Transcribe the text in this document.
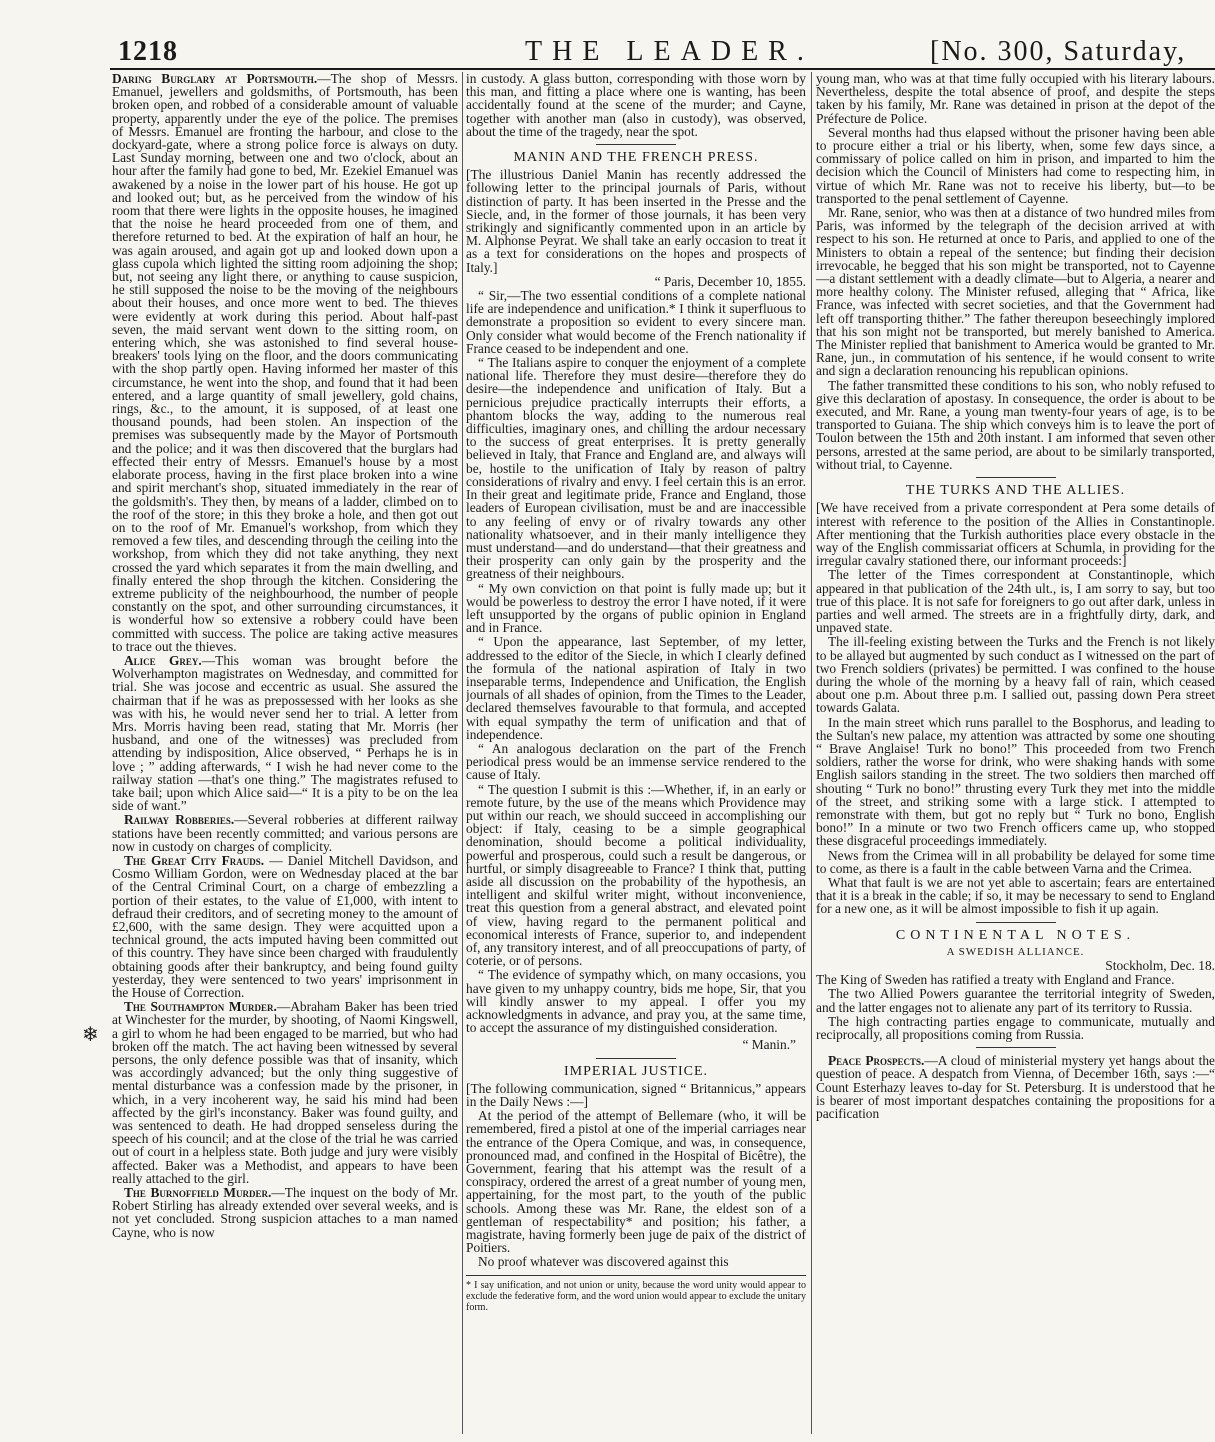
1218	THE LEADER.	[No. 300, Saturday,
❄

Daring Burglary at Portsmouth.—The shop of Messrs. Emanuel, jewellers and goldsmiths, of Portsmouth, has been broken open, and robbed of a considerable amount of valuable property, apparently under the eye of the police. The premises of Messrs. Emanuel are fronting the harbour, and close to the dockyard-gate, where a strong police force is always on duty. Last Sunday morning, between one and two o'clock, about an hour after the family had gone to bed, Mr. Ezekiel Emanuel was awakened by a noise in the lower part of his house. He got up and looked out; but, as he perceived from the window of his room that there were lights in the opposite houses, he imagined that the noise he heard proceeded from one of them, and therefore returned to bed. At the expiration of half an hour, he was again aroused, and again got up and looked down upon a glass cupola which lighted the sitting room adjoining the shop; but, not seeing any light there, or anything to cause suspicion, he still supposed the noise to be the moving of the neighbours about their houses, and once more went to bed. The thieves were evidently at work during this period. About half-past seven, the maid servant went down to the sitting room, on entering which, she was astonished to find several house-breakers' tools lying on the floor, and the doors communicating with the shop partly open. Having informed her master of this circumstance, he went into the shop, and found that it had been entered, and a large quantity of small jewellery, gold chains, rings, &c., to the amount, it is supposed, of at least one thousand pounds, had been stolen. An inspection of the premises was subsequently made by the Mayor of Portsmouth and the police; and it was then discovered that the burglars had effected their entry of Messrs. Emanuel's house by a most elaborate process, having in the first place broken into a wine and spirit merchant's shop, situated immediately in the rear of the goldsmith's. They then, by means of a ladder, climbed on to the roof of the store; in this they broke a hole, and then got out on to the roof of Mr. Emanuel's workshop, from which they removed a few tiles, and descending through the ceiling into the workshop, from which they did not take anything, they next crossed the yard which separates it from the main dwelling, and finally entered the shop through the kitchen. Considering the extreme publicity of the neighbourhood, the number of people constantly on the spot, and other surrounding circumstances, it is wonderful how so extensive a robbery could have been committed with success. The police are taking active measures to trace out the thieves.

Alice Grey.—This woman was brought before the Wolverhampton magistrates on Wednesday, and committed for trial. She was jocose and eccentric as usual. She assured the chairman that if he was as prepossessed with her looks as she was with his, he would never send her to trial. A letter from Mrs. Morris having been read, stating that Mr. Morris (her husband, and one of the witnesses) was precluded from attending by indisposition, Alice observed, “ Perhaps he is in love ; ” adding afterwards, “ I wish he had never come to the railway station —that's one thing.” The magistrates refused to take bail; upon which Alice said—“ It is a pity to be on the lea side of want.”

Railway Robberies.—Several robberies at different railway stations have been recently committed; and various persons are now in custody on charges of complicity.

The Great City Frauds. — Daniel Mitchell Davidson, and Cosmo William Gordon, were on Wednesday placed at the bar of the Central Criminal Court, on a charge of embezzling a portion of their estates, to the value of £1,000, with intent to defraud their creditors, and of secreting money to the amount of £2,600, with the same design. They were acquitted upon a technical ground, the acts imputed having been committed out of this country. They have since been charged with fraudulently obtaining goods after their bankruptcy, and being found guilty yesterday, they were sentenced to two years' imprisonment in the House of Correction.

The Southampton Murder.—Abraham Baker has been tried at Winchester for the murder, by shooting, of Naomi Kingswell, a girl to whom he had been engaged to be married, but who had broken off the match. The act having been witnessed by several persons, the only defence possible was that of insanity, which was accordingly advanced; but the only thing suggestive of mental disturbance was a confession made by the prisoner, in which, in a very incoherent way, he said his mind had been affected by the girl's inconstancy. Baker was found guilty, and was sentenced to death. He had dropped senseless during the speech of his council; and at the close of the trial he was carried out of court in a helpless state. Both judge and jury were visibly affected. Baker was a Methodist, and appears to have been really attached to the girl.

The Burnoffield Murder.—The inquest on the body of Mr. Robert Stirling has already extended over several weeks, and is not yet concluded. Strong suspicion attaches to a man named Cayne, who is now

in custody. A glass button, corresponding with those worn by this man, and fitting a place where one is wanting, has been accidentally found at the scene of the murder; and Cayne, together with another man (also in custody), was observed, about the time of the tragedy, near the spot.

MANIN AND THE FRENCH PRESS.

[The illustrious Daniel Manin has recently addressed the following letter to the principal journals of Paris, without distinction of party. It has been inserted in the Presse and the Siecle, and, in the former of those journals, it has been very strikingly and significantly commented upon in an article by M. Alphonse Peyrat. We shall take an early occasion to treat it as a text for considerations on the hopes and prospects of Italy.]

“ Paris, December 10, 1855.

“ Sir,—The two essential conditions of a complete national life are independence and unification.* I think it superfluous to demonstrate a proposition so evident to every sincere man. Only consider what would become of the French nationality if France ceased to be independent and one.

“ The Italians aspire to conquer the enjoyment of a complete national life. Therefore they must desire—therefore they do desire—the independence and unification of Italy. But a pernicious prejudice practically interrupts their efforts, a phantom blocks the way, adding to the numerous real difficulties, imaginary ones, and chilling the ardour necessary to the success of great enterprises. It is pretty generally believed in Italy, that France and England are, and always will be, hostile to the unification of Italy by reason of paltry considerations of rivalry and envy. I feel certain this is an error. In their great and legitimate pride, France and England, those leaders of European civilisation, must be and are inaccessible to any feeling of envy or of rivalry towards any other nationality whatsoever, and in their manly intelligence they must understand—and do understand—that their greatness and their prosperity can only gain by the prosperity and the greatness of their neighbours.

“ My own conviction on that point is fully made up; but it would be powerless to destroy the error I have noted, if it were left unsupported by the organs of public opinion in England and in France.

“ Upon the appearance, last September, of my letter, addressed to the editor of the Siecle, in which I clearly defined the formula of the national aspiration of Italy in two inseparable terms, Independence and Unification, the English journals of all shades of opinion, from the Times to the Leader, declared themselves favourable to that formula, and accepted with equal sympathy the term of unification and that of independence.

“ An analogous declaration on the part of the French periodical press would be an immense service rendered to the cause of Italy.

“ The question I submit is this :—Whether, if, in an early or remote future, by the use of the means which Providence may put within our reach, we should succeed in accomplishing our object: if Italy, ceasing to be a simple geographical denomination, should become a political individuality, powerful and prosperous, could such a result be dangerous, or hurtful, or simply disagreeable to France? I think that, putting aside all discussion on the probability of the hypothesis, an intelligent and skilful writer might, without inconvenience, treat this question from a general abstract, and elevated point of view, having regard to the permanent political and economical interests of France, superior to, and independent of, any transitory interest, and of all preoccupations of party, of coterie, or of persons.

“ The evidence of sympathy which, on many occasions, you have given to my unhappy country, bids me hope, Sir, that you will kindly answer to my appeal. I offer you my acknowledgments in advance, and pray you, at the same time, to accept the assurance of my distinguished consideration.

“ Manin.”
IMPERIAL JUSTICE.

[The following communication, signed “ Britannicus,” appears in the Daily News :—]

At the period of the attempt of Bellemare (who, it will be remembered, fired a pistol at one of the imperial carriages near the entrance of the Opera Comique, and was, in consequence, pronounced mad, and confined in the Hospital of Bicêtre), the Government, fearing that his attempt was the result of a conspiracy, ordered the arrest of a great number of young men, appertaining, for the most part, to the youth of the public schools. Among these was Mr. Rane, the eldest son of a gentleman of respectability* and position; his father, a magistrate, having formerly been juge de paix of the district of Poitiers.

No proof whatever was discovered against this

* I say unification, and not union or unity, because the word unity would appear to exclude the federative form, and the word union would appear to exclude the unitary form.

young man, who was at that time fully occupied with his literary labours. Nevertheless, despite the total absence of proof, and despite the steps taken by his family, Mr. Rane was detained in prison at the depot of the Préfecture de Police.

Several months had thus elapsed without the prisoner having been able to procure either a trial or his liberty, when, some few days since, a commissary of police called on him in prison, and imparted to him the decision which the Council of Ministers had come to respecting him, in virtue of which Mr. Rane was not to receive his liberty, but—to be transported to the penal settlement of Cayenne.

Mr. Rane, senior, who was then at a distance of two hundred miles from Paris, was informed by the telegraph of the decision arrived at with respect to his son. He returned at once to Paris, and applied to one of the Ministers to obtain a repeal of the sentence; but finding their decision irrevocable, he begged that his son might be transported, not to Cayenne—a distant settlement with a deadly climate—but to Algeria, a nearer and more healthy colony. The Minister refused, alleging that “ Africa, like France, was infected with secret societies, and that the Government had left off transporting thither.” The father thereupon beseechingly implored that his son might not be transported, but merely banished to America. The Minister replied that banishment to America would be granted to Mr. Rane, jun., in commutation of his sentence, if he would consent to write and sign a declaration renouncing his republican opinions.

The father transmitted these conditions to his son, who nobly refused to give this declaration of apostasy. In consequence, the order is about to be executed, and Mr. Rane, a young man twenty-four years of age, is to be transported to Guiana. The ship which conveys him is to leave the port of Toulon between the 15th and 20th instant. I am informed that seven other persons, arrested at the same period, are about to be similarly transported, without trial, to Cayenne.

THE TURKS AND THE ALLIES.

[We have received from a private correspondent at Pera some details of interest with reference to the position of the Allies in Constantinople. After mentioning that the Turkish authorities place every obstacle in the way of the English commissariat officers at Schumla, in providing for the irregular cavalry stationed there, our informant proceeds:]

The letter of the Times correspondent at Constantinople, which appeared in that publication of the 24th ult., is, I am sorry to say, but too true of this place. It is not safe for foreigners to go out after dark, unless in parties and well armed. The streets are in a frightfully dirty, dark, and unpaved state.

The ill-feeling existing between the Turks and the French is not likely to be allayed but augmented by such conduct as I witnessed on the part of two French soldiers (privates) be permitted. I was confined to the house during the whole of the morning by a heavy fall of rain, which ceased about one p.m. About three p.m. I sallied out, passing down Pera street towards Galata.

In the main street which runs parallel to the Bosphorus, and leading to the Sultan's new palace, my attention was attracted by some one shouting “ Brave Anglaise! Turk no bono!” This proceeded from two French soldiers, rather the worse for drink, who were shaking hands with some English sailors standing in the street. The two soldiers then marched off shouting “ Turk no bono!” thrusting every Turk they met into the middle of the street, and striking some with a large stick. I attempted to remonstrate with them, but got no reply but “ Turk no bono, English bono!” In a minute or two two French officers came up, who stopped these disgraceful proceedings immediately.

News from the Crimea will in all probability be delayed for some time to come, as there is a fault in the cable between Varna and the Crimea.

What that fault is we are not yet able to ascertain; fears are entertained that it is a break in the cable; if so, it may be necessary to send to England for a new one, as it will be almost impossible to fish it up again.

CONTINENTAL NOTES.
A SWEDISH ALLIANCE.

Stockholm, Dec. 18.

The King of Sweden has ratified a treaty with England and France.

The two Allied Powers guarantee the territorial integrity of Sweden, and the latter engages not to alienate any part of its territory to Russia.

The high contracting parties engage to communicate, mutually and reciprocally, all propositions coming from Russia.

Peace Prospects.—A cloud of ministerial mystery yet hangs about the question of peace. A despatch from Vienna, of December 16th, says :—“ Count Esterhazy leaves to-day for St. Petersburg. It is understood that he is bearer of most important despatches containing the propositions for a pacification
